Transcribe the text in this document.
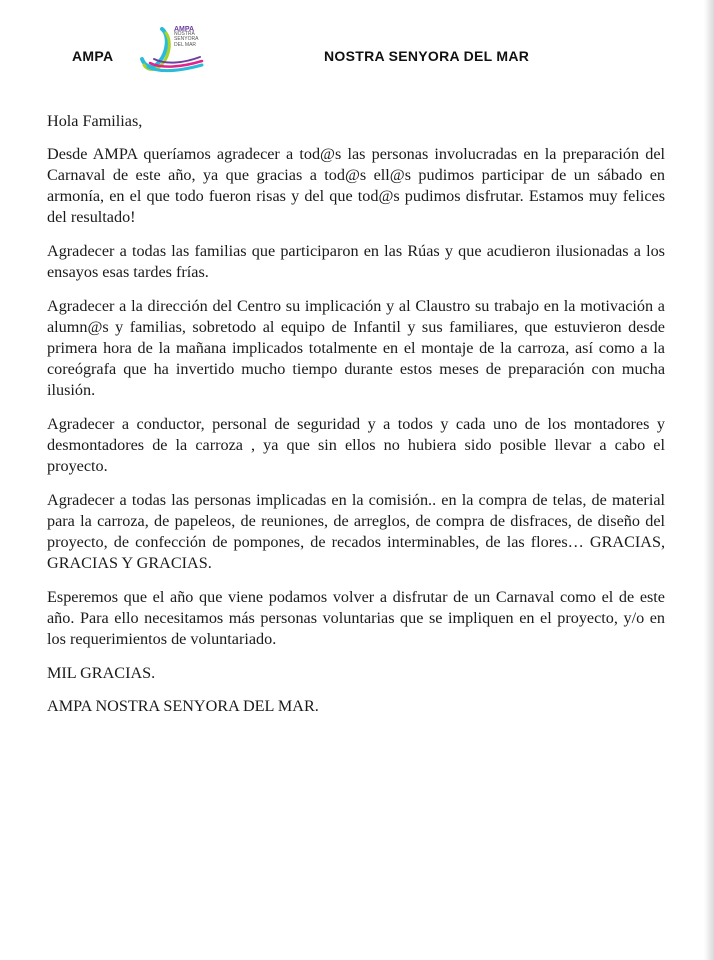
AMPA
AMPA
NOSTRA
SENYORA
DEL MAR
NOSTRA SENYORA DEL MAR

Hola Familias,

Desde AMPA queríamos agradecer a tod@s las personas involucradas en la preparación del Carnaval de este año, ya que gracias a tod@s ell@s pudimos participar de un sábado en armonía, en el que todo fueron risas y del que tod@s pudimos disfrutar. Estamos muy felices del resultado!

Agradecer a todas las familias que participaron en las Rúas y que acudieron ilusionadas a los ensayos esas tardes frías.

Agradecer a la dirección del Centro su implicación y al Claustro su trabajo en la motivación a alumn@s y familias, sobretodo al equipo de Infantil y sus familiares, que estuvieron desde primera hora de la mañana implicados totalmente en el montaje de la carroza, así como a la coreógrafa que ha invertido mucho tiempo durante estos meses de preparación con mucha ilusión.

Agradecer a conductor, personal de seguridad y a todos y cada uno de los montadores y desmontadores de la carroza , ya que sin ellos no hubiera sido posible llevar a cabo el proyecto.

Agradecer a todas las personas implicadas en la comisión.. en la compra de telas, de material para la carroza, de papeleos, de reuniones, de arreglos, de compra de disfraces, de diseño del proyecto, de confección de pompones, de recados interminables, de las flores… GRACIAS, GRACIAS Y GRACIAS.

Esperemos que el año que viene podamos volver a disfrutar de un Carnaval como el de este año. Para ello necesitamos más personas voluntarias que se impliquen en el proyecto, y/o en los requerimientos de voluntariado.

MIL GRACIAS.

AMPA NOSTRA SENYORA DEL MAR.
